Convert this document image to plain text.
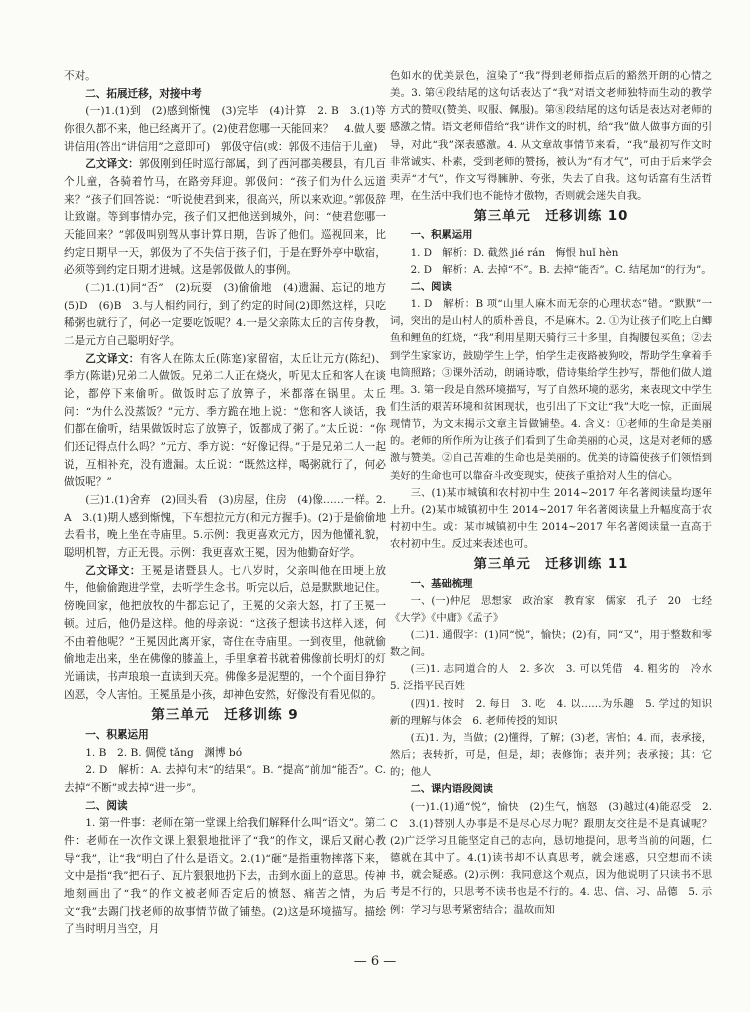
不对。

二、拓展迁移，对接中考

(一)1.(1)到　(2)感到惭愧　(3)完毕　(4)计算　2. B　3.(1)等你很久都不来，他已经离开了。(2)使君您哪一天能回来？　4.做人要讲信用(答出“讲信用”之意即可)　郭伋守信(或：郭伋不违信于儿童)

乙文译文：郭伋刚到任时巡行部属，到了西河郡美稷县，有几百个儿童，各骑着竹马，在路旁拜迎。郭伋问：“孩子们为什么远道来？”孩子们回答说：“听说使君到来，很高兴，所以来欢迎。”郭伋辞让致谢。等到事情办完，孩子们又把他送到城外，问：“使君您哪一天能回来？”郭伋叫别驾从事计算日期，告诉了他们。巡视回来，比约定日期早一天，郭伋为了不失信于孩子们，于是在野外亭中歇宿，必须等到约定日期才进城。这是郭伋做人的事例。

(二)1.(1)同“否”　(2)玩耍　(3)偷偷地　(4)遗漏、忘记的地方　(5)D　(6)B　3.与人相约同行，到了约定的时间(2)即然这样，只吃稀粥也就行了，何必一定要吃饭呢？4.一是父亲陈太丘的言传身教，二是元方自己聪明好学。

乙文译文：有客人在陈太丘(陈寔)家留宿，太丘让元方(陈纪)、季方(陈谌)兄弟二人做饭。兄弟二人正在烧火，听见太丘和客人在谈论，都停下来偷听。做饭时忘了放箅子，米都落在锅里。太丘问：“为什么没蒸饭？”元方、季方跪在地上说：“您和客人谈话，我们都在偷听，结果做饭时忘了放箅子，饭都成了粥了。”太丘说：“你们还记得点什么吗？”元方、季方说：“好像记得。”于是兄弟二人一起说，互相补充，没有遗漏。太丘说：“既然这样，喝粥就行了，何必做饭呢？”

(三)1.(1)舍弃　(2)回头看　(3)房屋，住房　(4)像……一样。2.A　3.(1)期人感到惭愧，下车想拉元方(和元方握手)。(2)于是偷偷地去看书，晚上坐在寺庙里。5.示例：我更喜欢元方，因为他懂礼貌，聪明机智，方正无畏。示例：我更喜欢王冕，因为他勤奋好学。

乙文译文：王冕是诸暨县人。七八岁时，父亲叫他在田埂上放牛，他偷偷跑进学堂，去听学生念书。听完以后，总是默默地记住。傍晚回家，他把放牧的牛都忘记了，王冕的父亲大怒，打了王冕一顿。过后，他仍是这样。他的母亲说：“这孩子想读书这样入迷，何不由着他呢？”王冕因此离开家，寄住在寺庙里。一到夜里，他就偷偷地走出来，坐在佛像的膝盖上，手里拿着书就着佛像前长明灯的灯光诵读，书声琅琅一直读到天亮。佛像多是泥塑的，一个个面目狰狞凶恶，令人害怕。王冕虽是小孩，却神色安然，好像没有看见似的。

第三单元　迁移训练 9

一、积累运用

1. B　2. B. 倜傥 tǎng　渊博 bó

2. D　解析：A. 去掉句末“的结果”。B. “提高”前加“能否”。C. 去掉“不断”或去掉“进一步”。

二、阅读

1. 第一件事：老师在第一堂课上给我们解释什么叫“语文”。第二件：老师在一次作文课上狠狠地批评了“我”的作文，课后又耐心教导“我”，让“我”明白了什么是语文。2.(1)“砸”是指重物摔落下来，文中是指“我”把石子、瓦片狠狠地扔下去，击到水面上的意思。传神地刻画出了“我”的作文被老师否定后的愤怒、痛苦之情，为后文“我”去踢门找老师的故事情节做了铺垫。(2)这是环境描写。描绘了当时明月当空，月

色如水的优美景色，渲染了“我”得到老师指点后的豁然开朗的心情之美。3. 第④段结尾的这句话表达了“我”对语文老师独特而生动的教学方式的赞叹(赞美、叹服、佩服)。第⑧段结尾的这句话是表达对老师的感激之情。语文老师借给“我”讲作文的时机，给“我”做人做事方面的引导，对此“我”深表感激。4. 从文章故事情节来看，“我”最初写作文时非常诚实、朴素，受到老师的赞扬，被认为“有才气”，可由于后来学会卖弄“才气”，作文写得臃肿、夸张，失去了自我。这句话富有生活哲理，在生活中我们也不能恃才傲物，否则就会迷失自我。

第三单元　迁移训练 10

一、积累运用

1. D　解析：D. 截然 jié rán　悔恨 huǐ hèn

2. D　解析：A. 去掉“不”。B. 去掉“能否”。C. 结尾加“的行为”。

二、阅读

1. D　解析：B 项“山里人麻木而无奈的心理状态”错。“默默”一词，突出的是山村人的质朴善良，不是麻木。2. ①为让孩子们吃上白鲫鱼和鲤鱼的红烧，“我”利用星期天骑行三十多里，自掏腰包买鱼；②去到学生家家访，鼓励学生上学，怕学生走夜路被狗咬，帮助学生拿着手电筒照路；③课外活动，朗诵诗歌，借诗集给学生抄写，帮他们做人道理。3. 第一段是自然环境描写，写了自然环境的恶劣，来表现文中学生们生活的艰苦环境和贫困现状，也引出了下文让“我”大吃一惊，正面展现情节，为文末揭示文章主旨做铺垫。4. 含义：①老师的生命是美丽的。老师的所作所为让孩子们看到了生命美丽的心灵，这是对老师的感激与赞美。②自己苦难的生命也是美丽的。优美的诗篇使孩子们领悟到美好的生命也可以靠奋斗改变现实，使孩子重拾对人生的信心。

三、(1)某市城镇和农村初中生 2014~2017 年名著阅读量均逐年上升。(2)某市城镇初中生 2014~2017 年名著阅读量上升幅度高于农村初中生。或：某市城镇初中生 2014~2017 年名著阅读量一直高于农村初中生。反过来表述也可。

第三单元　迁移训练 11

一、基础梳理

一、(一)仲尼　思想家　政治家　教育家　儒家　孔子　20　七经　《大学》《中庸》《孟子》

(二)1. 通假字：(1)同“悦”，愉快；(2)有，同“又”，用于整数和零数之间。

(三)1. 志同道合的人　2. 多次　3. 可以凭借　4. 粗劣的　冷水　5. 泛指平民百姓

(四)1. 按时　2. 每日　3. 吃　4. 以……为乐趣　5. 学过的知识　新的理解与体会　6. 老师传授的知识

(五)1. 为，当做；(2)懂得，了解；(3)老，害怕；4. 而，表承接，然后；表转折，可是，但是，却；表修饰；表并列；表承接；其：它的；他人

二、课内语段阅读

(一)1.(1)通“悦”，愉快　(2)生气，恼怒　(3)越过(4)能忍受　2. C　3.(1)替别人办事是不是尽心尽力呢？跟朋友交往是不是真诚呢？(2)广泛学习且能坚定自己的志向，恳切地提问，思考当前的问题，仁德就在其中了。4.(1)读书却不认真思考，就会迷惑，只空想而不读书，就会疑惑。(2)示例：我同意这个观点，因为他说明了只读书不思考是不行的，只思考不读书也是不行的。4. 忠、信、习、品德　5. 示例：学习与思考紧密结合；温故而知

— 6 —
